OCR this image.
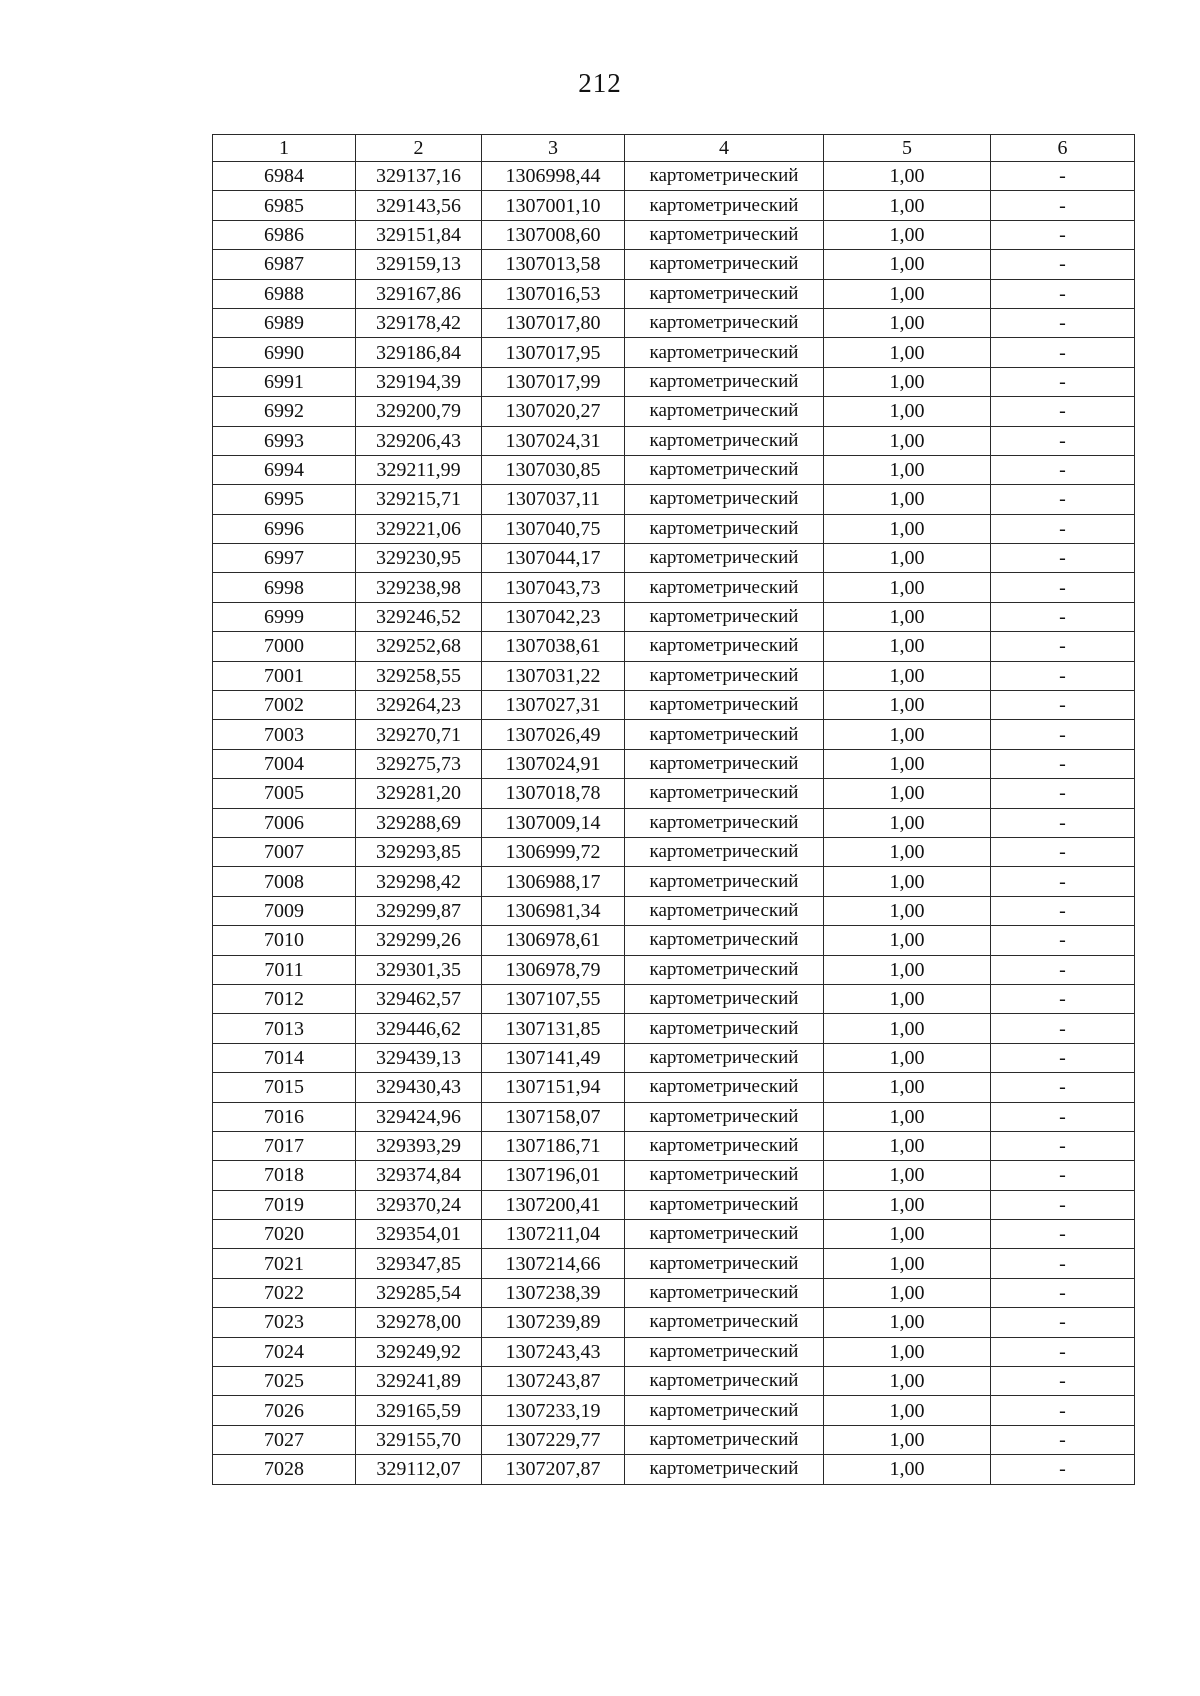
212
1	2	3	4	5	6
6984	329137,16	1306998,44	картометрический	1,00	-
6985	329143,56	1307001,10	картометрический	1,00	-
6986	329151,84	1307008,60	картометрический	1,00	-
6987	329159,13	1307013,58	картометрический	1,00	-
6988	329167,86	1307016,53	картометрический	1,00	-
6989	329178,42	1307017,80	картометрический	1,00	-
6990	329186,84	1307017,95	картометрический	1,00	-
6991	329194,39	1307017,99	картометрический	1,00	-
6992	329200,79	1307020,27	картометрический	1,00	-
6993	329206,43	1307024,31	картометрический	1,00	-
6994	329211,99	1307030,85	картометрический	1,00	-
6995	329215,71	1307037,11	картометрический	1,00	-
6996	329221,06	1307040,75	картометрический	1,00	-
6997	329230,95	1307044,17	картометрический	1,00	-
6998	329238,98	1307043,73	картометрический	1,00	-
6999	329246,52	1307042,23	картометрический	1,00	-
7000	329252,68	1307038,61	картометрический	1,00	-
7001	329258,55	1307031,22	картометрический	1,00	-
7002	329264,23	1307027,31	картометрический	1,00	-
7003	329270,71	1307026,49	картометрический	1,00	-
7004	329275,73	1307024,91	картометрический	1,00	-
7005	329281,20	1307018,78	картометрический	1,00	-
7006	329288,69	1307009,14	картометрический	1,00	-
7007	329293,85	1306999,72	картометрический	1,00	-
7008	329298,42	1306988,17	картометрический	1,00	-
7009	329299,87	1306981,34	картометрический	1,00	-
7010	329299,26	1306978,61	картометрический	1,00	-
7011	329301,35	1306978,79	картометрический	1,00	-
7012	329462,57	1307107,55	картометрический	1,00	-
7013	329446,62	1307131,85	картометрический	1,00	-
7014	329439,13	1307141,49	картометрический	1,00	-
7015	329430,43	1307151,94	картометрический	1,00	-
7016	329424,96	1307158,07	картометрический	1,00	-
7017	329393,29	1307186,71	картометрический	1,00	-
7018	329374,84	1307196,01	картометрический	1,00	-
7019	329370,24	1307200,41	картометрический	1,00	-
7020	329354,01	1307211,04	картометрический	1,00	-
7021	329347,85	1307214,66	картометрический	1,00	-
7022	329285,54	1307238,39	картометрический	1,00	-
7023	329278,00	1307239,89	картометрический	1,00	-
7024	329249,92	1307243,43	картометрический	1,00	-
7025	329241,89	1307243,87	картометрический	1,00	-
7026	329165,59	1307233,19	картометрический	1,00	-
7027	329155,70	1307229,77	картометрический	1,00	-
7028	329112,07	1307207,87	картометрический	1,00	-
